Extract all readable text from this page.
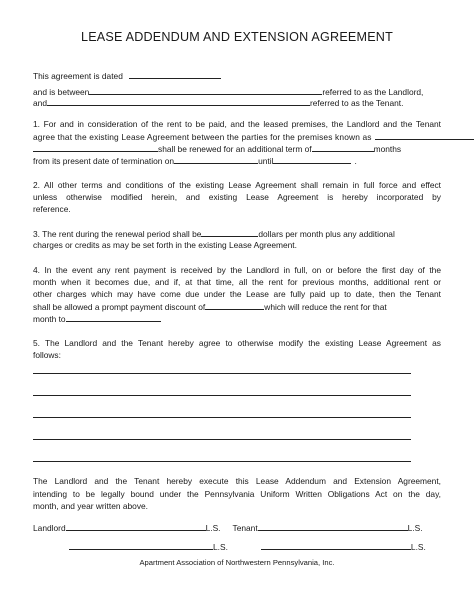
LEASE ADDENDUM AND EXTENSION AGREEMENT
This agreement is dated
and is between	referred to as the Landlord,
and	referred to as the Tenant.
1. For and in consideration of the rent to be paid, and the leased premises, the Landlord and the Tenant
agree that the existing Lease Agreement between the parties for the premises known as
shall be renewed for an additional term of	months
from its present date of termination on	until	.
2. All other terms and conditions of the existing Lease Agreement shall remain in full force and effect
unless otherwise modified herein, and existing Lease Agreement is hereby incorporated by
reference.
3. The rent during the renewal period shall be	dollars per month plus any additional
charges or credits as may be set forth in the existing Lease Agreement.
4. In the event any rent payment is received by the Landlord in full, on or before the first day of the
month when it becomes due, and if, at that time, all the rent for previous months, additional rent or
other charges which may have come due under the Lease are fully paid up to date, then the Tenant
shall be allowed a prompt payment discount of	which will reduce the rent for that
month to
5. The Landlord and the Tenant hereby agree to otherwise modify the existing Lease Agreement as
follows:
The Landlord and the Tenant hereby execute this Lease Addendum and Extension Agreement,
intending to be legally bound under the Pennsylvania Uniform Written Obligations Act on the day,
month, and year written above.
Landlord	L.S. Tenant	L.S.
L.S.	L.S.
Apartment Association of Northwestern Pennsylvania, Inc.
